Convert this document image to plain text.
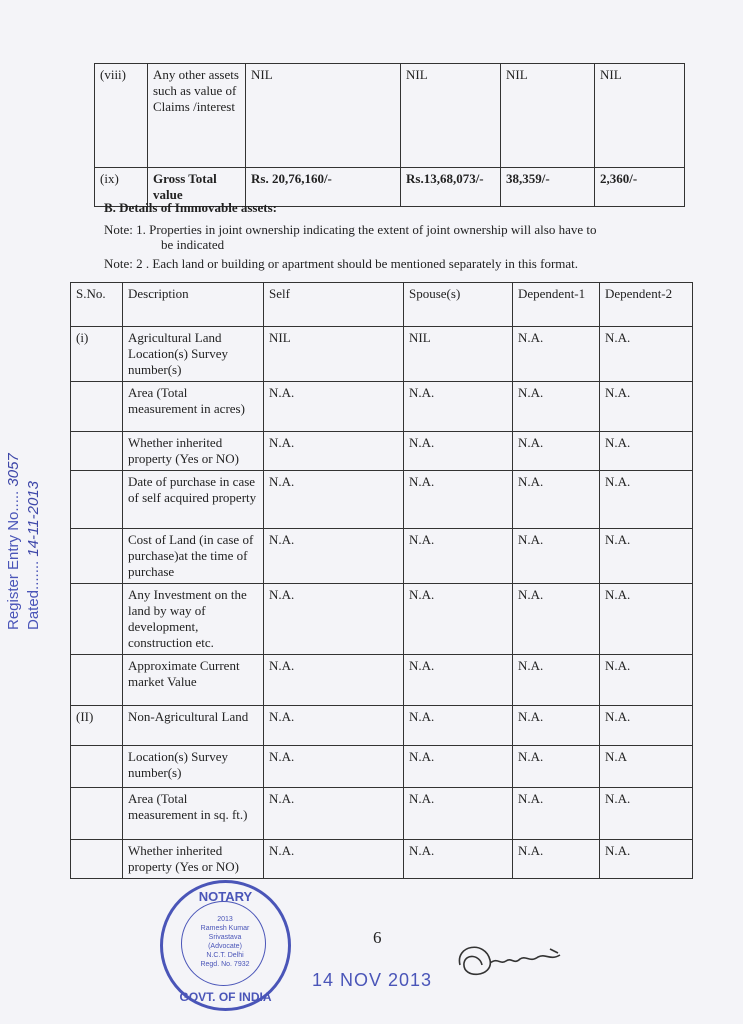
(viii)	Any other assets such as value of Claims /interest	NIL	NIL	NIL	NIL
(ix)	Gross Total value	Rs. 20,76,160/-	Rs.13,68,073/-	38,359/-	2,360/-
B. Details of Immovable assets:
Note: 1. Properties in joint ownership indicating the extent of joint ownership will also have to
be indicated
Note: 2 . Each land or building or apartment should be mentioned separately in this format.
S.No.	Description	Self	Spouse(s)	Dependent-1	Dependent-2
(i)	Agricultural Land Location(s) Survey number(s)	NIL	NIL	N.A.	N.A.
	Area (Total measurement in acres)	N.A.	N.A.	N.A.	N.A.
	Whether inherited property (Yes or NO)	N.A.	N.A.	N.A.	N.A.
	Date of purchase in case of self acquired property	N.A.	N.A.	N.A.	N.A.
	Cost of Land (in case of purchase)at the time of purchase	N.A.	N.A.	N.A.	N.A.
	Any Investment on the land by way of development, construction etc.	N.A.	N.A.	N.A.	N.A.
	Approximate Current market Value	N.A.	N.A.	N.A.	N.A.
(II)	Non-Agricultural Land	N.A.	N.A.	N.A.	N.A.
	Location(s) Survey number(s)	N.A.	N.A.	N.A.	N.A
	Area (Total measurement in sq. ft.)	N.A.	N.A.	N.A.	N.A.
	Whether inherited property (Yes or NO)	N.A.	N.A.	N.A.	N.A.
Register Entry No..... 3057
Dated....... 14-11-2013
NOTARY
2013
Ramesh Kumar Srivastava
(Advocate)
N.C.T. Delhi
Regd. No. 7932
GOVT. OF INDIA
6
14 NOV 2013
